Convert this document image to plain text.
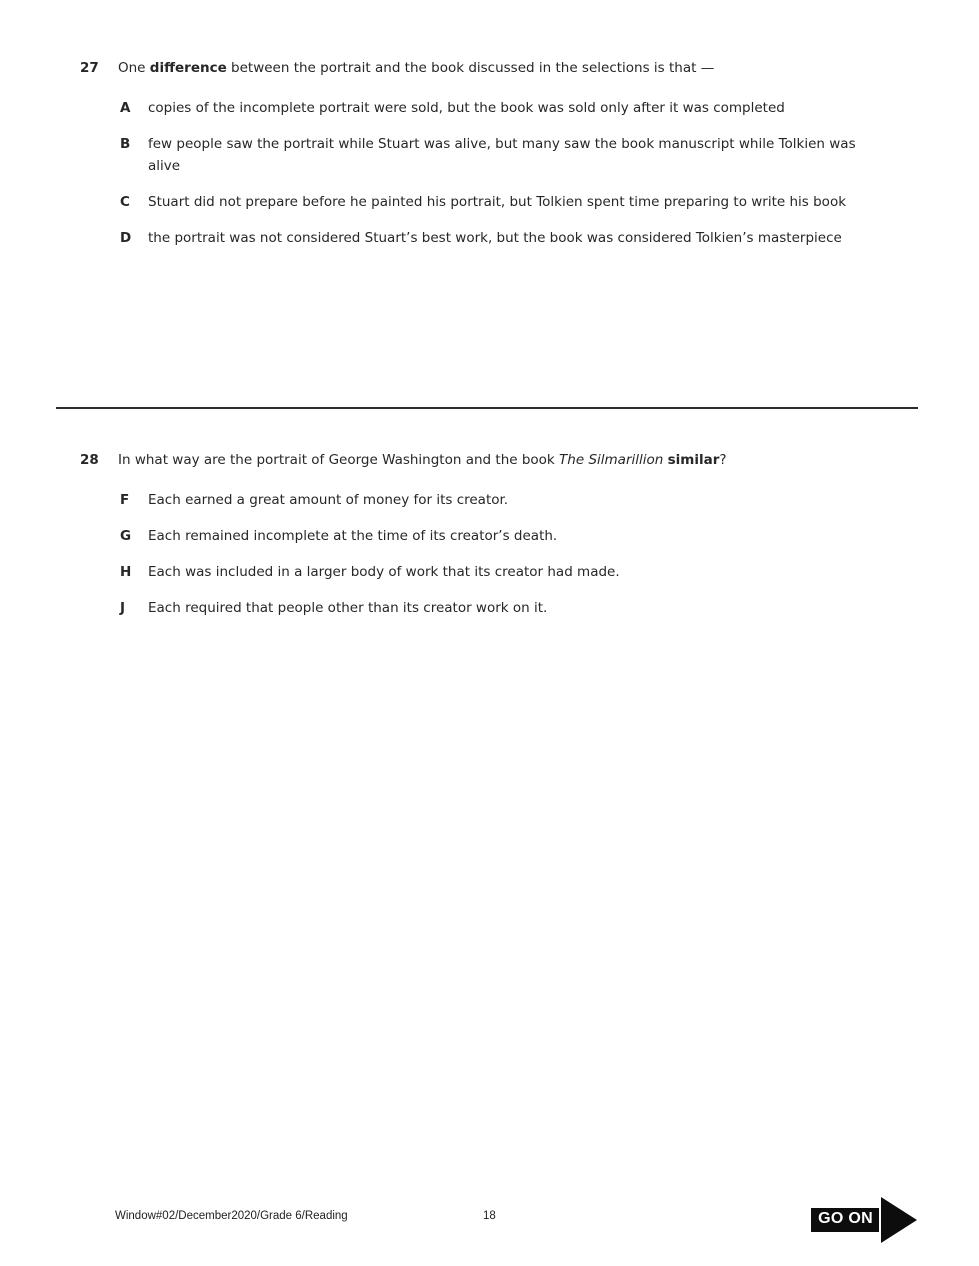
27	One difference between the portrait and the book discussed in the selections is that —

A	copies of the incomplete portrait were sold, but the book was sold only after it was completed

B	few people saw the portrait while Stuart was alive, but many saw the book manuscript while Tolkien was alive

C	Stuart did not prepare before he painted his portrait, but Tolkien spent time preparing to write his book

D	the portrait was not considered Stuart’s best work, but the book was considered Tolkien’s masterpiece

28	In what way are the portrait of George Washington and the book The Silmarillion similar?

F	Each earned a great amount of money for its creator.

G	Each remained incomplete at the time of its creator’s death.

H	Each was included in a larger body of work that its creator had made.

J	Each required that people other than its creator work on it.

Window#02/December2020/Grade 6/Reading	18	GO ON
